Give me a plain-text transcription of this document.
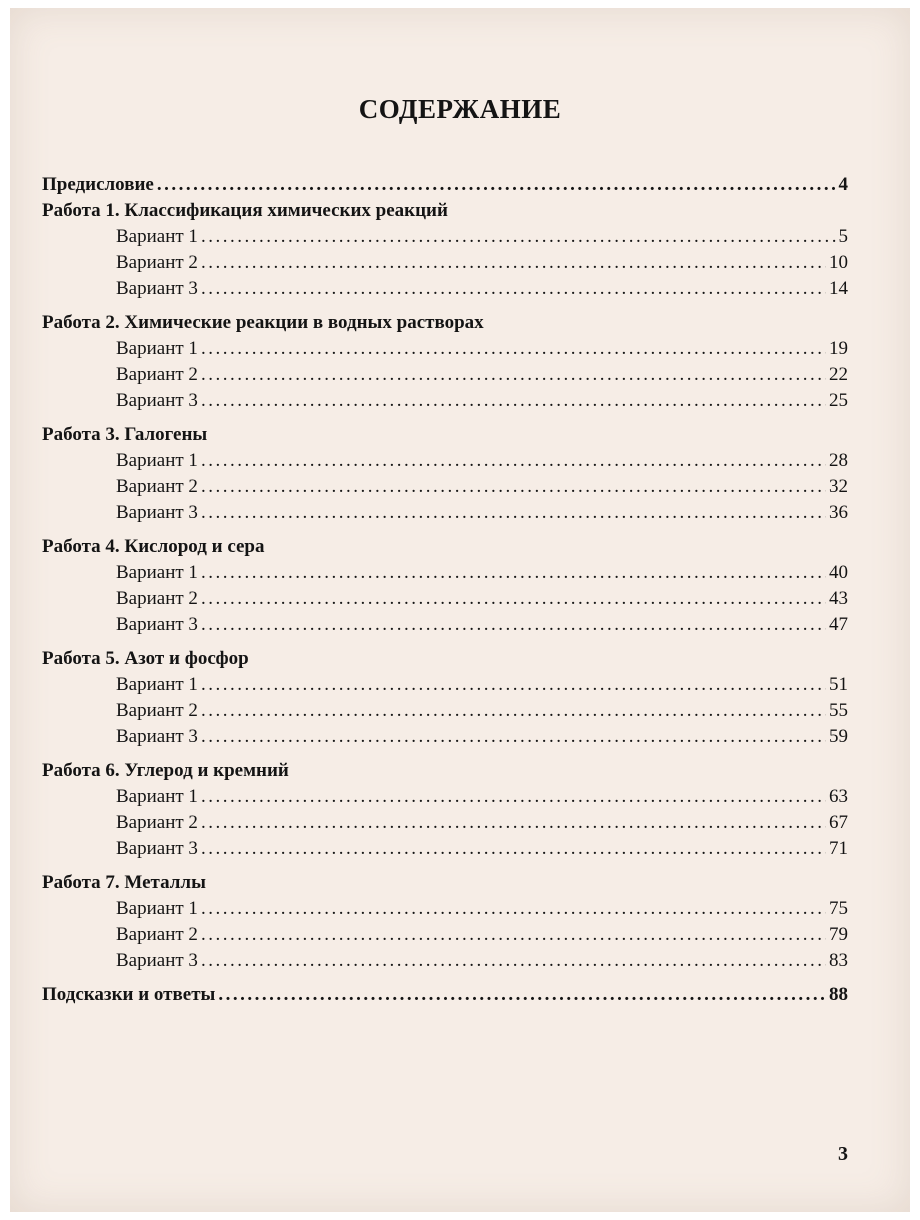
СОДЕРЖАНИЕ
Предисловие .....	4
Работа 1. Классификация химических реакций
Вариант 1 .....	5
Вариант 2 .....	10
Вариант 3 .....	14
Работа 2. Химические реакции в водных растворах
Вариант 1 .....	19
Вариант 2 .....	22
Вариант 3 .....	25
Работа 3. Галогены
Вариант 1 .....	28
Вариант 2 .....	32
Вариант 3 .....	36
Работа 4. Кислород и сера
Вариант 1 .....	40
Вариант 2 .....	43
Вариант 3 .....	47
Работа 5. Азот и фосфор
Вариант 1 .....	51
Вариант 2 .....	55
Вариант 3 .....	59
Работа 6. Углерод и кремний
Вариант 1 .....	63
Вариант 2 .....	67
Вариант 3 .....	71
Работа 7. Металлы
Вариант 1 .....	75
Вариант 2 .....	79
Вариант 3 .....	83
Подсказки и ответы .....	88
3
